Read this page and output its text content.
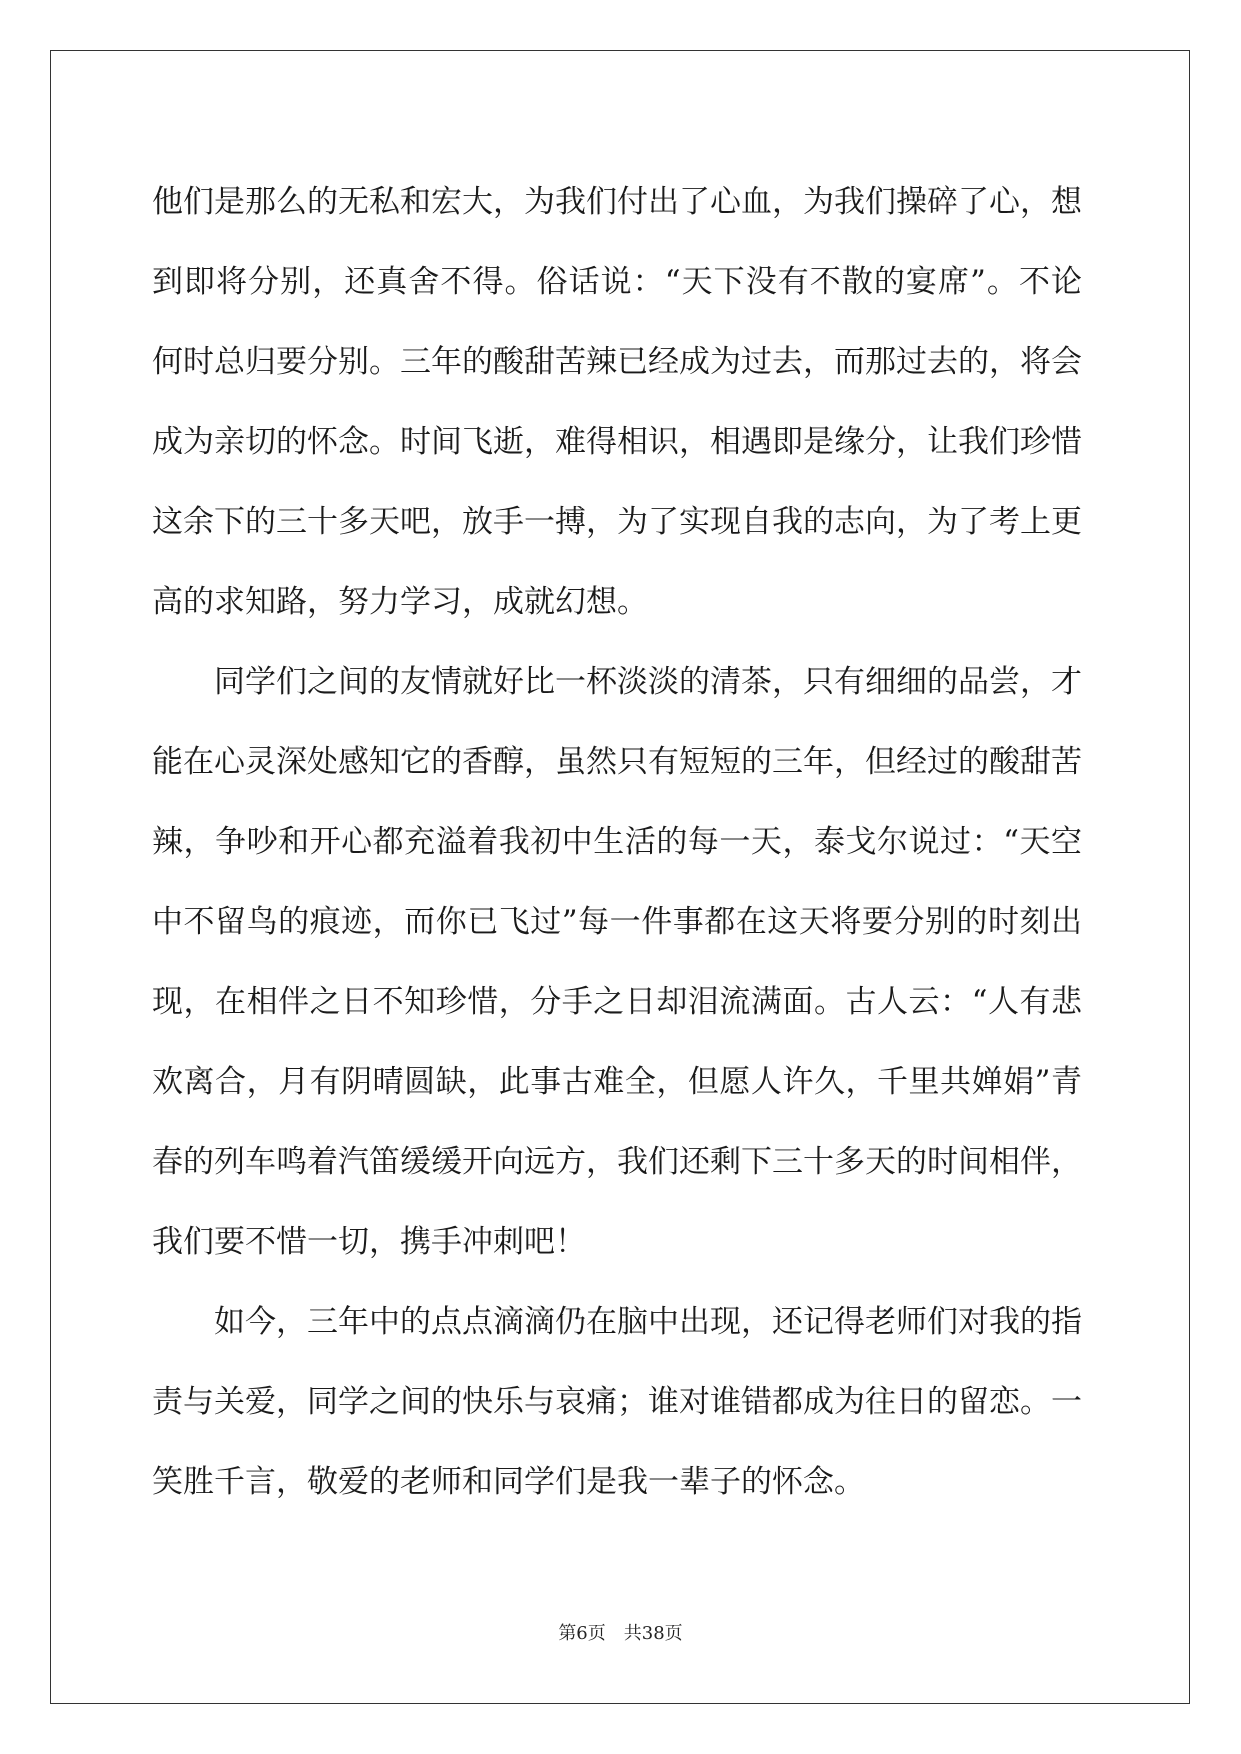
他们是那么的无私和宏大，为我们付出了心血，为我们操碎了心，想到即将分别，还真舍不得。俗话说：“天下没有不散的宴席”。不论何时总归要分别。三年的酸甜苦辣已经成为过去，而那过去的，将会成为亲切的怀念。时间飞逝，难得相识，相遇即是缘分，让我们珍惜这余下的三十多天吧，放手一搏，为了实现自我的志向，为了考上更高的求知路，努力学习，成就幻想。

同学们之间的友情就好比一杯淡淡的清茶，只有细细的品尝，才能在心灵深处感知它的香醇，虽然只有短短的三年，但经过的酸甜苦辣，争吵和开心都充溢着我初中生活的每一天，泰戈尔说过：“天空中不留鸟的痕迹，而你已飞过”每一件事都在这天将要分别的时刻出现，在相伴之日不知珍惜，分手之日却泪流满面。古人云：“人有悲欢离合，月有阴晴圆缺，此事古难全，但愿人许久，千里共婵娟”青春的列车鸣着汽笛缓缓开向远方，我们还剩下三十多天的时间相伴，我们要不惜一切，携手冲刺吧！

如今，三年中的点点滴滴仍在脑中出现，还记得老师们对我的指责与关爱，同学之间的快乐与哀痛；谁对谁错都成为往日的留恋。一笑胜千言，敬爱的老师和同学们是我一辈子的怀念。

第6页　共38页
